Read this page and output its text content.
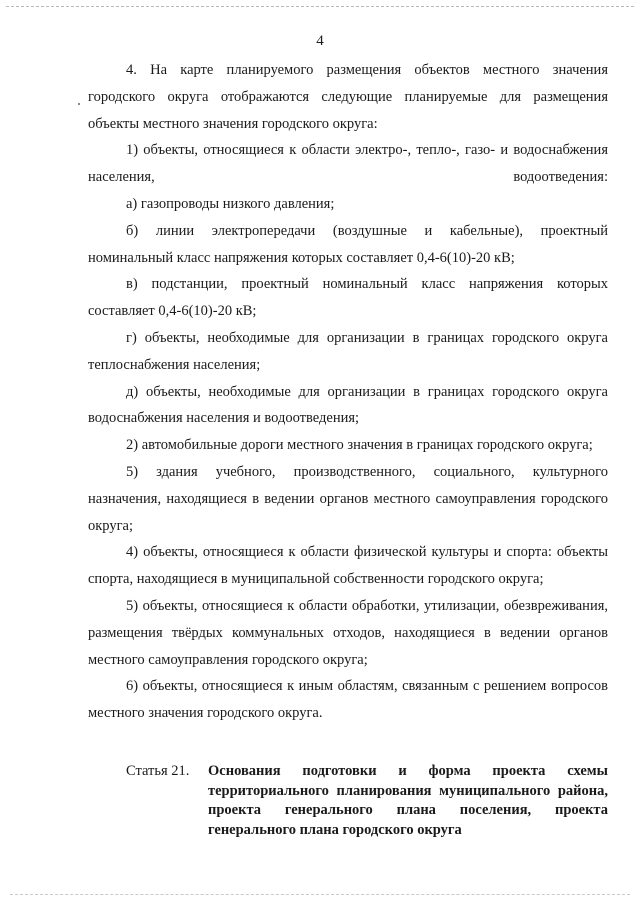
4

4. На карте планируемого размещения объектов местного значения городского округа отображаются следующие планируемые для размещения объекты местного значения городского округа:

1) объекты, относящиеся к области электро-, тепло-, газо- и водоснабжения населения, водоотведения:

а) газопроводы низкого давления;

б) линии электропередачи (воздушные и кабельные), проектный номинальный класс напряжения которых составляет 0,4-6(10)-20 кВ;

в) подстанции, проектный номинальный класс напряжения которых составляет 0,4-6(10)-20 кВ;

г) объекты, необходимые для организации в границах городского округа теплоснабжения населения;

д) объекты, необходимые для организации в границах городского округа водоснабжения населения и водоотведения;

2) автомобильные дороги местного значения в границах городского округа;

5) здания учебного, производственного, социального, культурного назначения, находящиеся в ведении органов местного самоуправления городского округа;

4) объекты, относящиеся к области физической культуры и спорта: объекты спорта, находящиеся в муниципальной собственности городского округа;

5) объекты, относящиеся к области обработки, утилизации, обезвреживания, размещения твёрдых коммунальных отходов, находящиеся в ведении органов местного самоуправления городского округа;

6) объекты, относящиеся к иным областям, связанным с решением вопросов местного значения городского округа.

Статья 21.	Основания подготовки и форма проекта схемы территориального планирования муниципального района, проекта генерального плана поселения, проекта генерального плана городского округа
